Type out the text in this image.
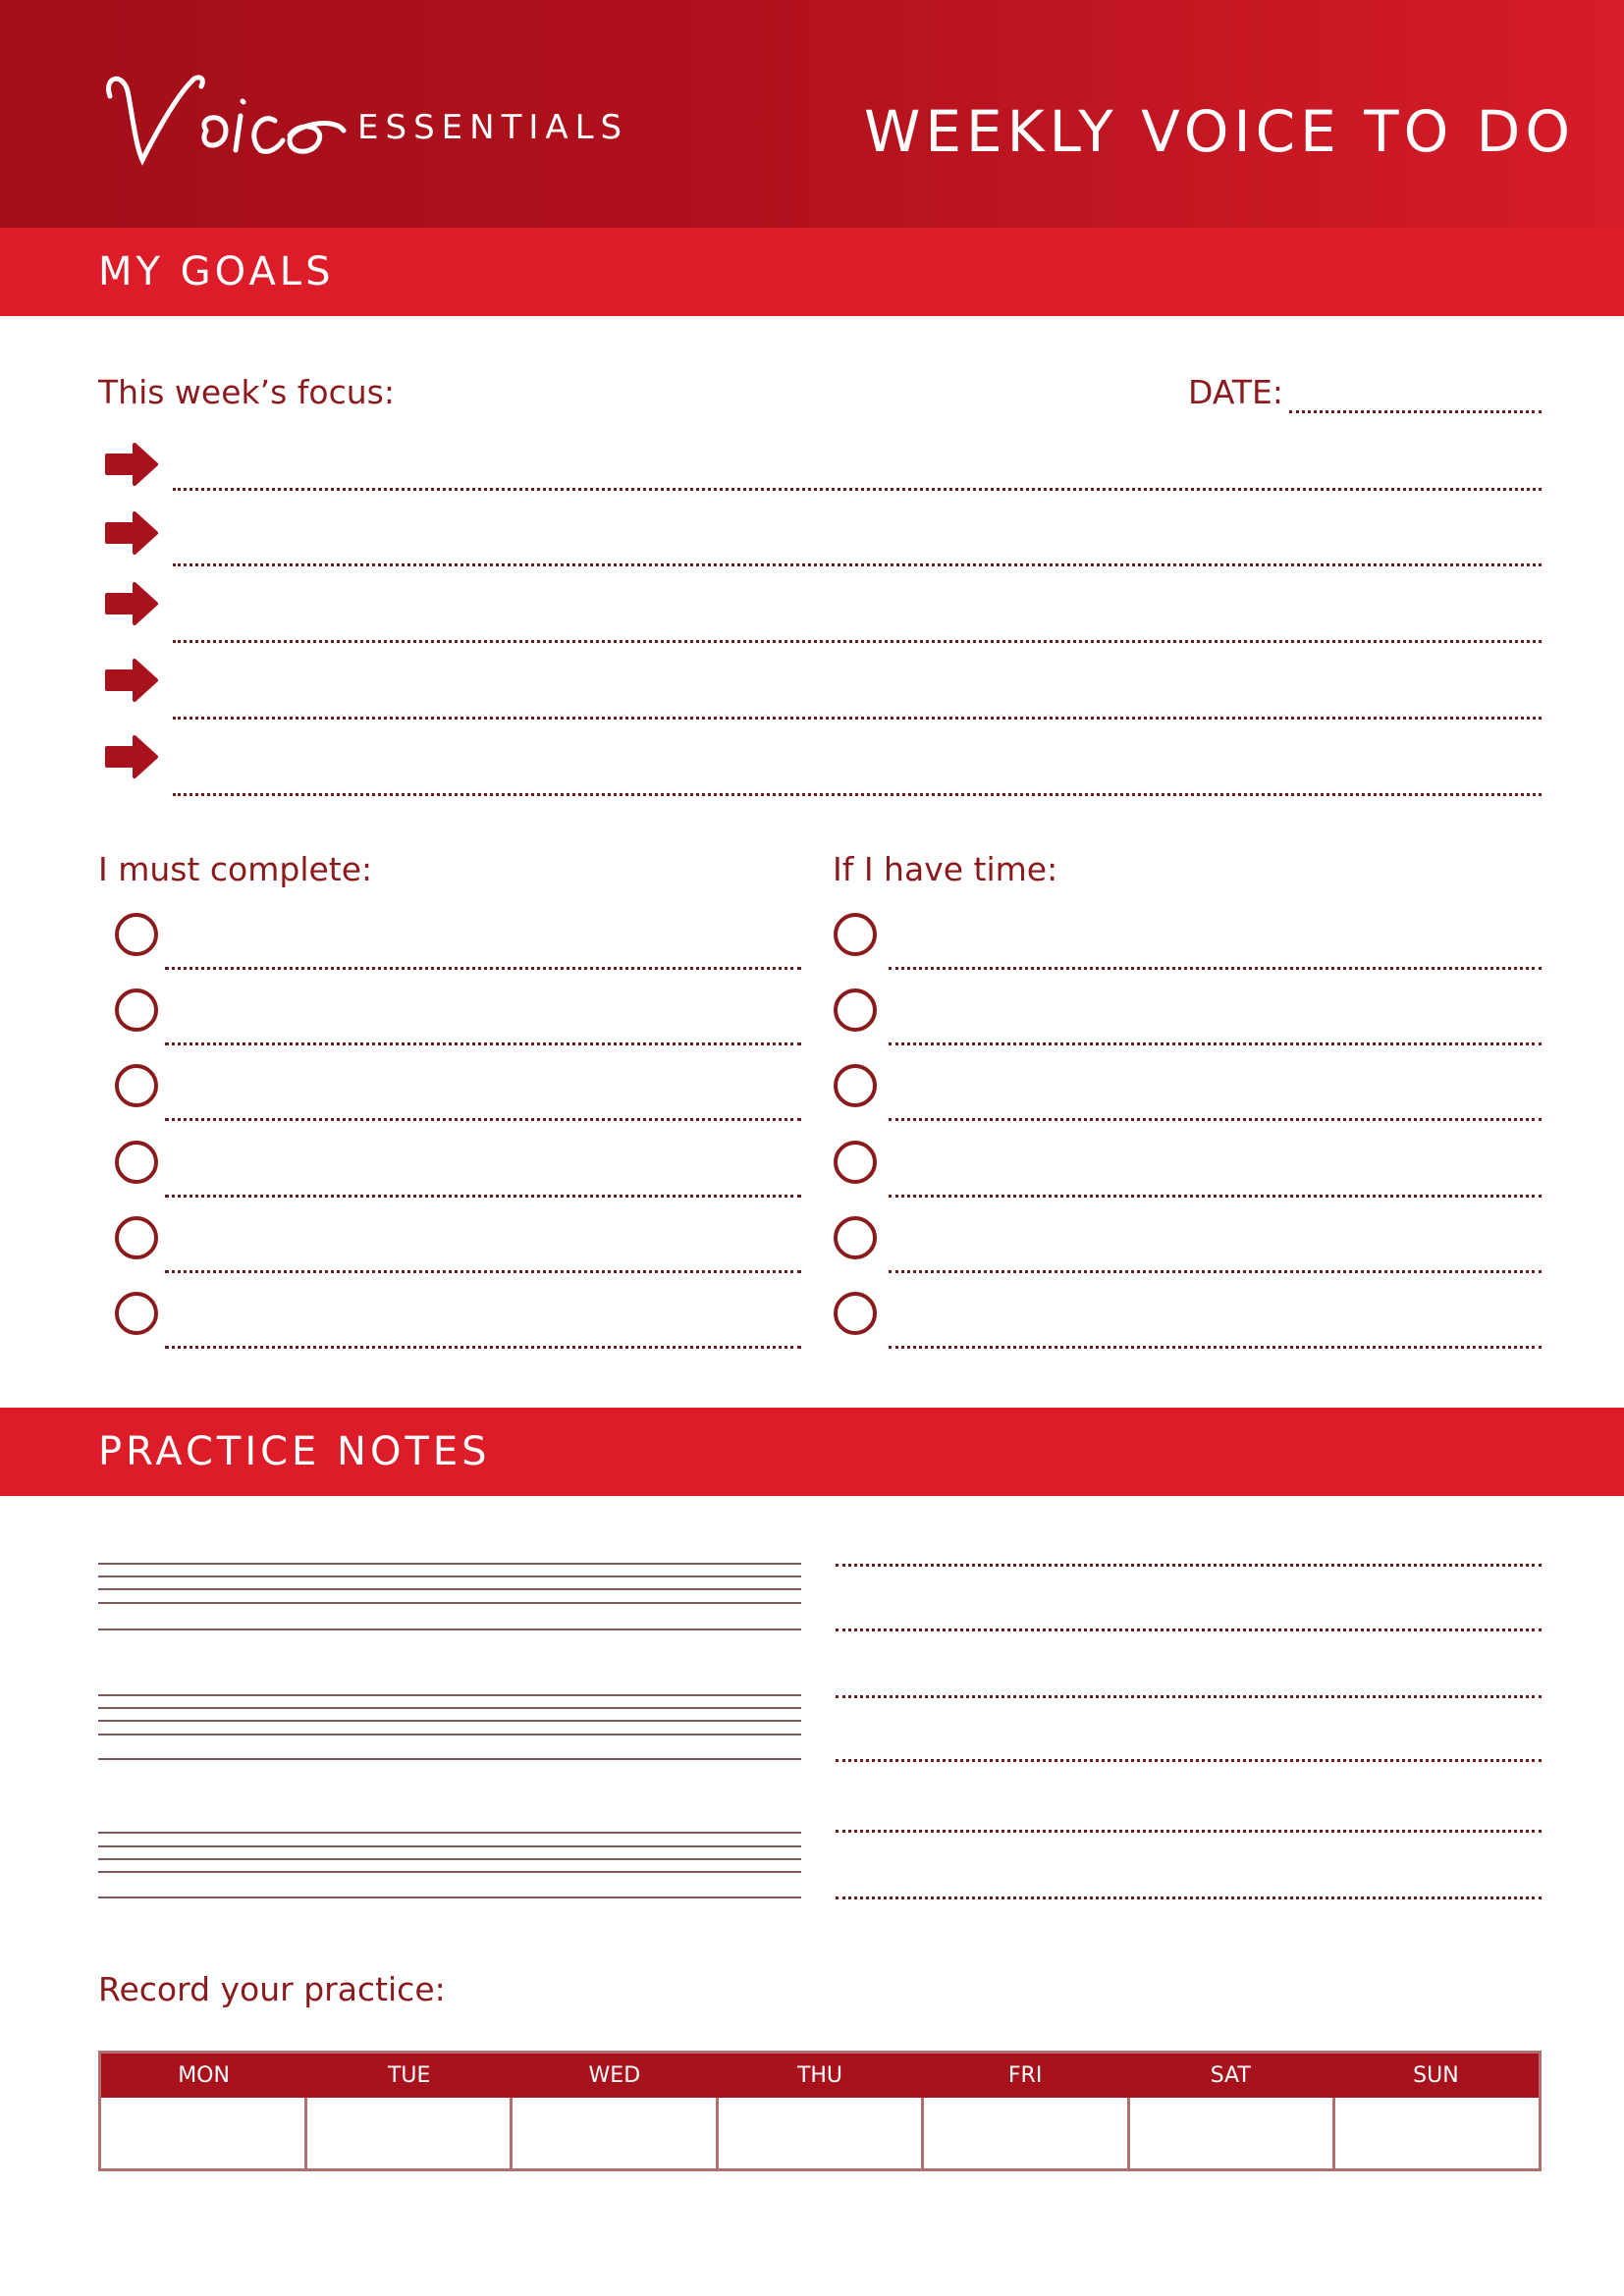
ESSENTIALS	WEEKLY VOICE TO DO
MY GOALS
This week’s focus:	DATE:
I must complete:	If I have time:
PRACTICE NOTES
Record your practice:
MON	TUE	WED	THU	FRI	SAT	SUN
